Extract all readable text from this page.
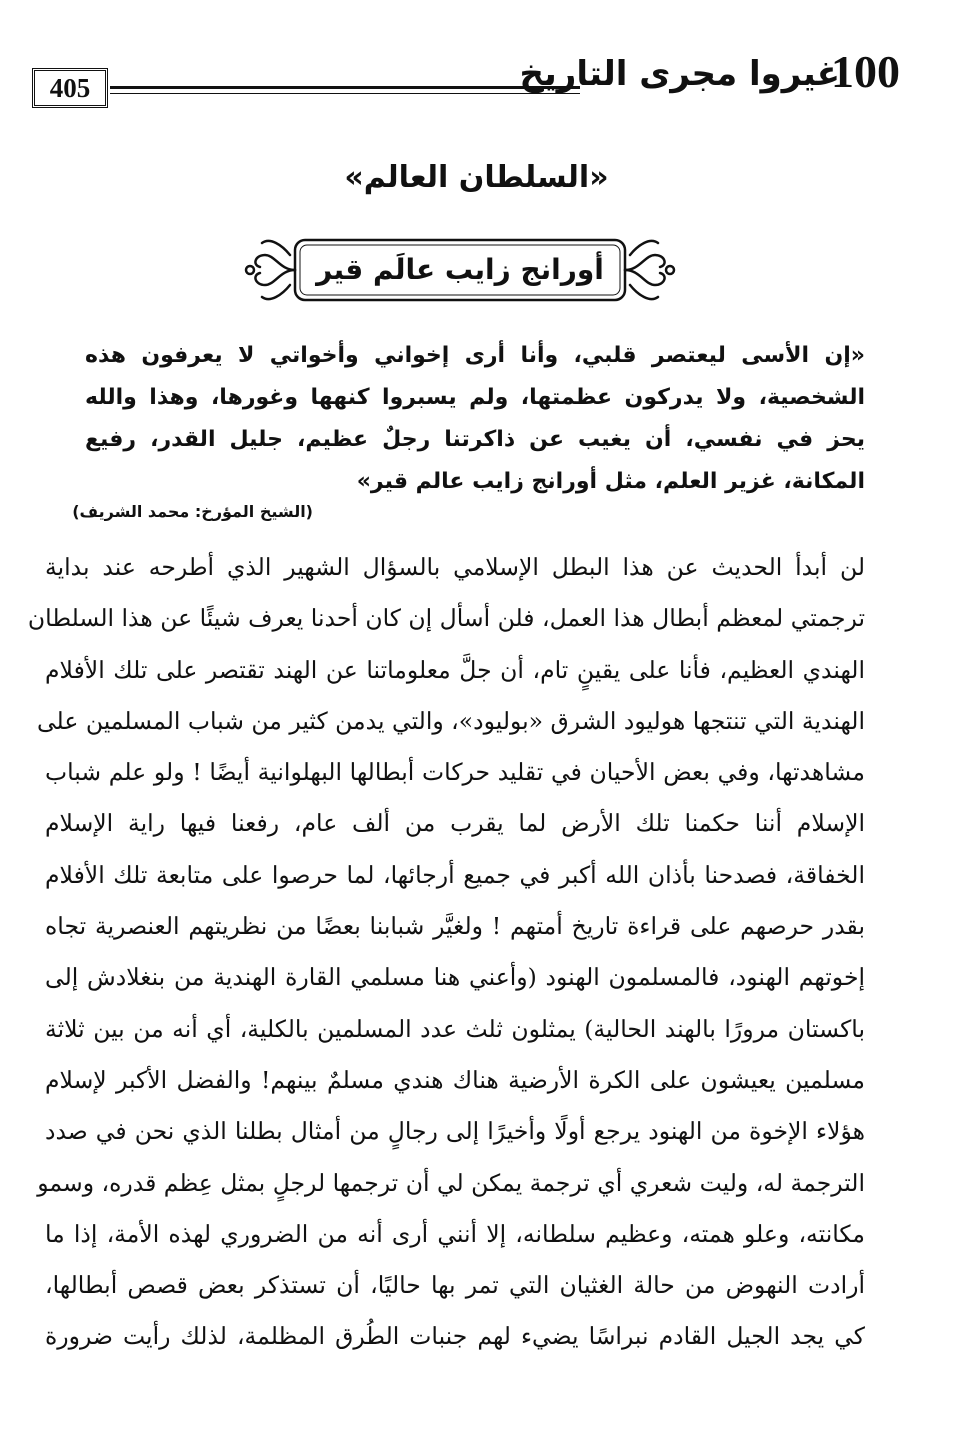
405	غيروا مجرى التاريخ
100
«السلطان العالم»
أورانج زايب عالَم قير
«إن الأسى ليعتصر قلبي، وأنا أرى إخواني وأخواتي لا يعرفون هذه الشخصية، ولا يدركون عظمتها، ولم يسبروا كنهها وغورها، وهذا والله يحز في نفسي، أن يغيب عن ذاكرتنا رجلٌ عظيم، جليل القدر، رفيع المكانة، غزير العلم، مثل أورانج زايب عالم قير»
(الشيخ المؤرخ: محمد الشريف)
لن أبدأ الحديث عن هذا البطل الإسلامي بالسؤال الشهير الذي أطرحه عند بداية
ترجمتي لمعظم أبطال هذا العمل، فلن أسأل إن كان أحدنا يعرف شيئًا عن هذا السلطان
الهندي العظيم، فأنا على يقينٍ تام، أن جلَّ معلوماتنا عن الهند تقتصر على تلك الأفلام
الهندية التي تنتجها هوليود الشرق «بوليود»، والتي يدمن كثير من شباب المسلمين على
مشاهدتها، وفي بعض الأحيان في تقليد حركات أبطالها البهلوانية أيضًا ! ولو علم شباب
الإسلام أننا حكمنا تلك الأرض لما يقرب من ألف عام، رفعنا فيها راية الإسلام
الخفاقة، فصدحنا بأذان الله أكبر في جميع أرجائها، لما حرصوا على متابعة تلك الأفلام
بقدر حرصهم على قراءة تاريخ أمتهم ! ولغيَّر شبابنا بعضًا من نظريتهم العنصرية تجاه
إخوتهم الهنود، فالمسلمون الهنود (وأعني هنا مسلمي القارة الهندية من بنغلادش إلى
باكستان مرورًا بالهند الحالية) يمثلون ثلث عدد المسلمين بالكلية، أي أنه من بين ثلاثة
مسلمين يعيشون على الكرة الأرضية هناك هندي مسلمٌ بينهم! والفضل الأكبر لإسلام
هؤلاء الإخوة من الهنود يرجع أولًا وأخيرًا إلى رجالٍ من أمثال بطلنا الذي نحن في صدد
الترجمة له، وليت شعري أي ترجمة يمكن لي أن ترجمها لرجلٍ بمثل عِظم قدره، وسمو
مكانته، وعلو همته، وعظيم سلطانه، إلا أنني أرى أنه من الضروري لهذه الأمة، إذا ما
أرادت النهوض من حالة الغثيان التي تمر بها حاليًا، أن تستذكر بعض قصص أبطالها،
كي يجد الجيل القادم نبراسًا يضيء لهم جنبات الطُرق المظلمة، لذلك رأيت ضرورة
